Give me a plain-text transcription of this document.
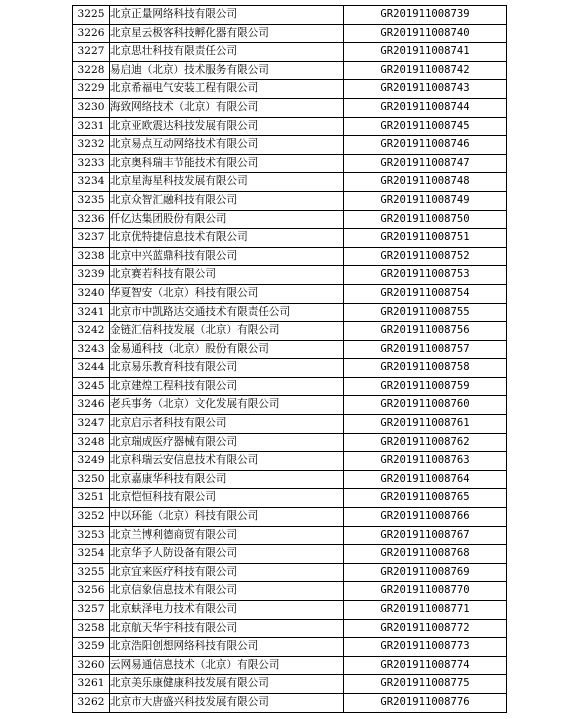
3225	北京正量网络科技有限公司	GR201911008739
3226	北京星云极客科技孵化器有限公司	GR201911008740
3227	北京思壮科技有限责任公司	GR201911008741
3228	易启迪（北京）技术服务有限公司	GR201911008742
3229	北京希福电气安装工程有限公司	GR201911008743
3230	海致网络技术（北京）有限公司	GR201911008744
3231	北京亚欧震达科技发展有限公司	GR201911008745
3232	北京易点互动网络技术有限公司	GR201911008746
3233	北京奥科瑞丰节能技术有限公司	GR201911008747
3234	北京星海星科技发展有限公司	GR201911008748
3235	北京众智汇融科技有限公司	GR201911008749
3236	仟亿达集团股份有限公司	GR201911008750
3237	北京优特捷信息技术有限公司	GR201911008751
3238	北京中兴蓝鼎科技有限公司	GR201911008752
3239	北京赛若科技有限公司	GR201911008753
3240	华夏智安（北京）科技有限公司	GR201911008754
3241	北京市中凯路达交通技术有限责任公司	GR201911008755
3242	金链汇信科技发展（北京）有限公司	GR201911008756
3243	金易通科技（北京）股份有限公司	GR201911008757
3244	北京易乐教育科技有限公司	GR201911008758
3245	北京建煌工程科技有限公司	GR201911008759
3246	老兵事务（北京）文化发展有限公司	GR201911008760
3247	北京启示者科技有限公司	GR201911008761
3248	北京瑞成医疗器械有限公司	GR201911008762
3249	北京科瑞云安信息技术有限公司	GR201911008763
3250	北京嘉康华科技有限公司	GR201911008764
3251	北京恺恒科技有限公司	GR201911008765
3252	中以环能（北京）科技有限公司	GR201911008766
3253	北京兰博利德商贸有限公司	GR201911008767
3254	北京华予人防设备有限公司	GR201911008768
3255	北京宜来医疗科技有限公司	GR201911008769
3256	北京信象信息技术有限公司	GR201911008770
3257	北京蚨泽电力技术有限公司	GR201911008771
3258	北京航天华宇科技有限公司	GR201911008772
3259	北京浩阳创想网络科技有限公司	GR201911008773
3260	云网易通信息技术（北京）有限公司	GR201911008774
3261	北京美乐康健康科技发展有限公司	GR201911008775
3262	北京市大唐盛兴科技发展有限公司	GR201911008776
